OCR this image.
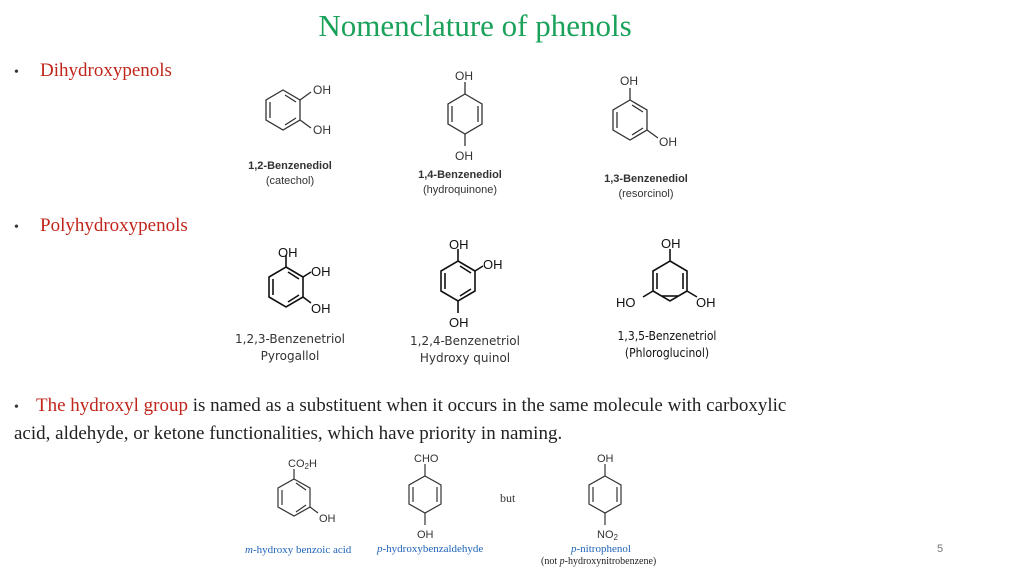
Nomenclature of phenols
•	Dihydroxypenols
OH
OH
1,2-Benzenediol
(catechol)
OH
OH
1,4-Benzenediol
(hydroquinone)
OH
OH
1,3-Benzenediol
(resorcinol)
•	Polyhydroxypenols
OH
OH
OH
1,2,3-Benzenetriol
Pyrogallol
OH
OH
OH
1,2,4-Benzenetriol
Hydroxy quinol
OH
HO	OH
1,3,5-Benzenetriol
(Phloroglucinol)
• The hydroxyl group is named as a substituent when it occurs in the same molecule with carboxylic acid, aldehyde, or ketone functionalities, which have priority in naming.
CO2H
OH
m-hydroxy benzoic acid
CHO
OH
p-hydroxybenzaldehyde
but
OH
NO2
p-nitrophenol
(not p-hydroxynitrobenzene)
5
